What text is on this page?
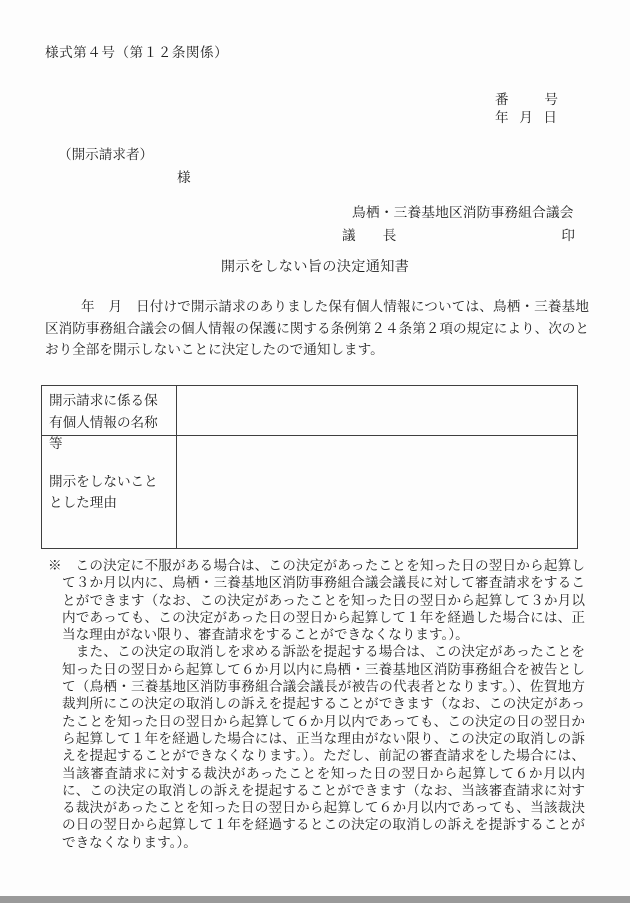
様式第４号（第１２条関係）
番	号
年 月 日
（開示請求者）
様
鳥栖・三養基地区消防事務組合議会
議　　長	印
開示をしない旨の決定通知書
年　月　日付けで開示請求のありました保有個人情報については、鳥栖・三養基地区消防事務組合議会の個人情報の保護に関する条例第２４条第２項の規定により、次のとおり全部を開示しないことに決定したので通知します。
開示請求に係る保有個人情報の名称等
開示をしないこととした理由

※　この決定に不服がある場合は、この決定があったことを知った日の翌日から起算して３か月以内に、鳥栖・三養基地区消防事務組合議会議長に対して審査請求をすることができます（なお、この決定があったことを知った日の翌日から起算して３か月以内であっても、この決定があった日の翌日から起算して１年を経過した場合には、正当な理由がない限り、審査請求をすることができなくなります。）。

　また、この決定の取消しを求める訴訟を提起する場合は、この決定があったことを知った日の翌日から起算して６か月以内に鳥栖・三養基地区消防事務組合を被告として（鳥栖・三養基地区消防事務組合議会議長が被告の代表者となります。）、佐賀地方裁判所にこの決定の取消しの訴えを提起することができます（なお、この決定があったことを知った日の翌日から起算して６か月以内であっても、この決定の日の翌日から起算して１年を経過した場合には、正当な理由がない限り、この決定の取消しの訴えを提起することができなくなります。）。ただし、前記の審査請求をした場合には、当該審査請求に対する裁決があったことを知った日の翌日から起算して６か月以内に、この決定の取消しの訴えを提起することができます（なお、当該審査請求に対する裁決があったことを知った日の翌日から起算して６か月以内であっても、当該裁決の日の翌日から起算して１年を経過するとこの決定の取消しの訴えを提訴することができなくなります。）。
